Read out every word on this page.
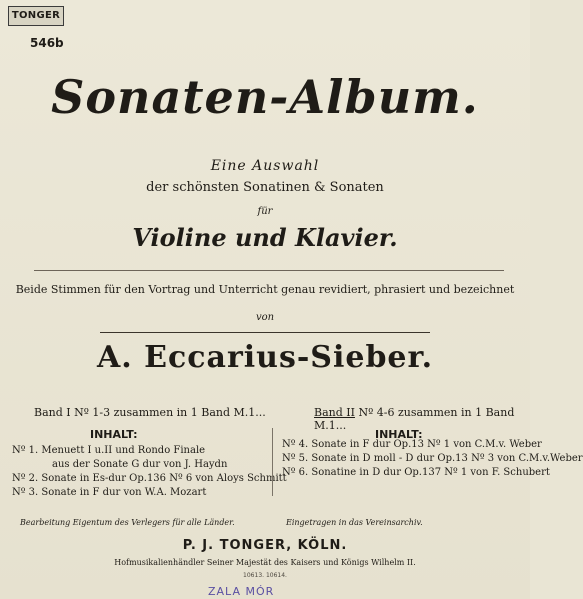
TONGER
546b
Sonaten-Album.
Eine Auswahl
der schönsten Sonatinen & Sonaten
für
Violine und Klavier.
Beide Stimmen für den Vortrag und Unterricht genau revidiert, phrasiert und bezeichnet
von
A. Eccarius-Sieber.
Band I Nº 1-3 zusammen in 1 Band M.1...	Band II Nº 4-6 zusammen in 1 Band M.1...
INHALT:	INHALT:
Nº 1. Menuett I u.II und Rondo Finale
aus der Sonate G dur von J. Haydn
Nº 2. Sonate in Es-dur Op.136 Nº 6 von Aloys Schmitt
Nº 3. Sonate in F dur von W.A. Mozart
Nº 4. Sonate in F dur Op.13 Nº 1 von C.M.v. Weber
Nº 5. Sonate in D moll - D dur Op.13 Nº 3 von C.M.v.Weber
Nº 6. Sonatine in D dur Op.137 Nº 1 von F. Schubert
Bearbeitung Eigentum des Verlegers für alle Länder.	Eingetragen in das Vereinsarchiv.
P. J. TONGER, KÖLN.
Hofmusikalienhändler Seiner Majestät des Kaisers und Königs Wilhelm II.
10613. 10614.
ZALA MÓR
